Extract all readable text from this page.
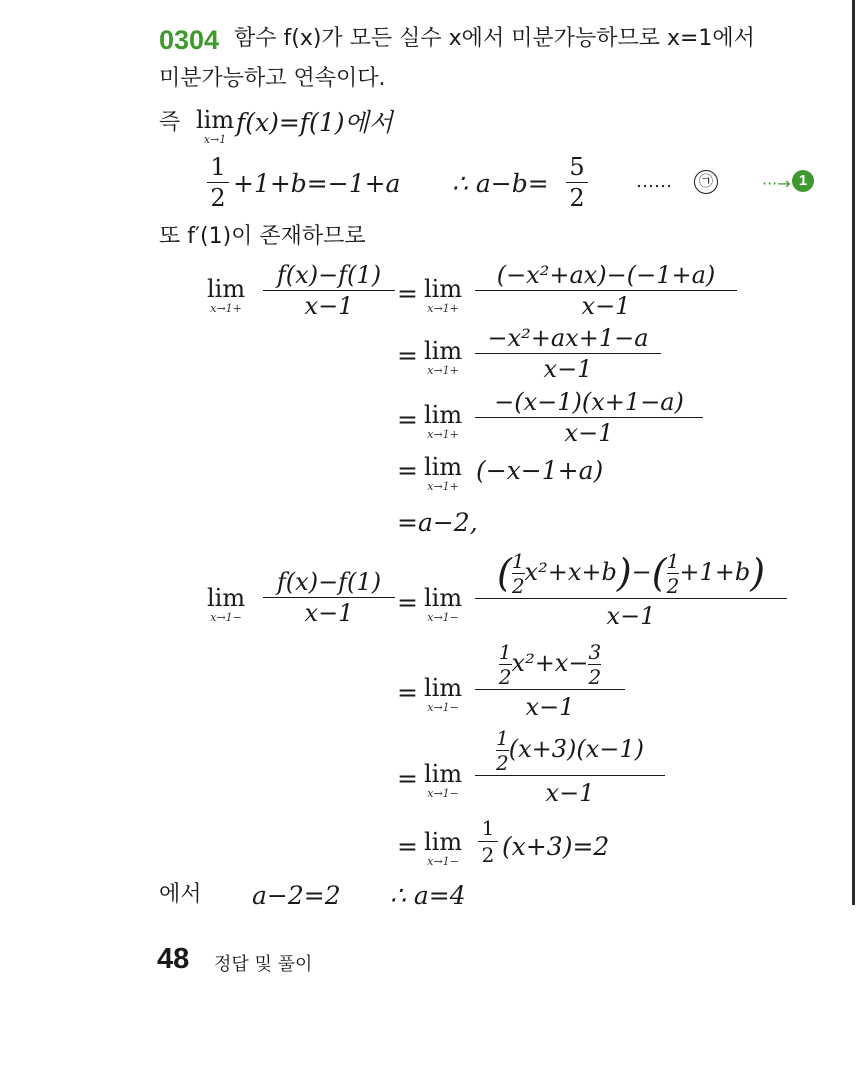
0304 함수 f(x)가 모든 실수 x에서 미분가능하므로 x=1에서
미분가능하고 연속이다.
즉 lim
x→1
f(x)=f(1)에서
1
2 +1+b=−1+a ∴ a−b=
5
2
……	㉠	···→ 1
또 f′(1)이 존재하므로
lim
x→1+
f(x)−f(1)
x−1	= lim
x→1+
(−x²+ax)−(−1+a)
x−1
= lim
x→1+
−x²+ax+1−a
x−1
= lim
x→1+
−(x−1)(x+1−a)
x−1
= lim
x→1+
(−x−1+a)
=a−2,
lim
x→1−
f(x)−f(1)
x−1	= lim
x→1−
( $\frac{1}{2} x^2+x+b)-( \frac{1}{2} +1+b)$
x−1
= lim
x→1−
$\frac{1}{2} x^2+x- \frac{3}{2}$
x−1
= lim
x→1−
$\frac{1}{2} (x+3)(x-1)$
x−1
= lim
x→1−
1
2 (x+3)=2
에서 a−2=2 ∴ a=4
48 정답 및 풀이
